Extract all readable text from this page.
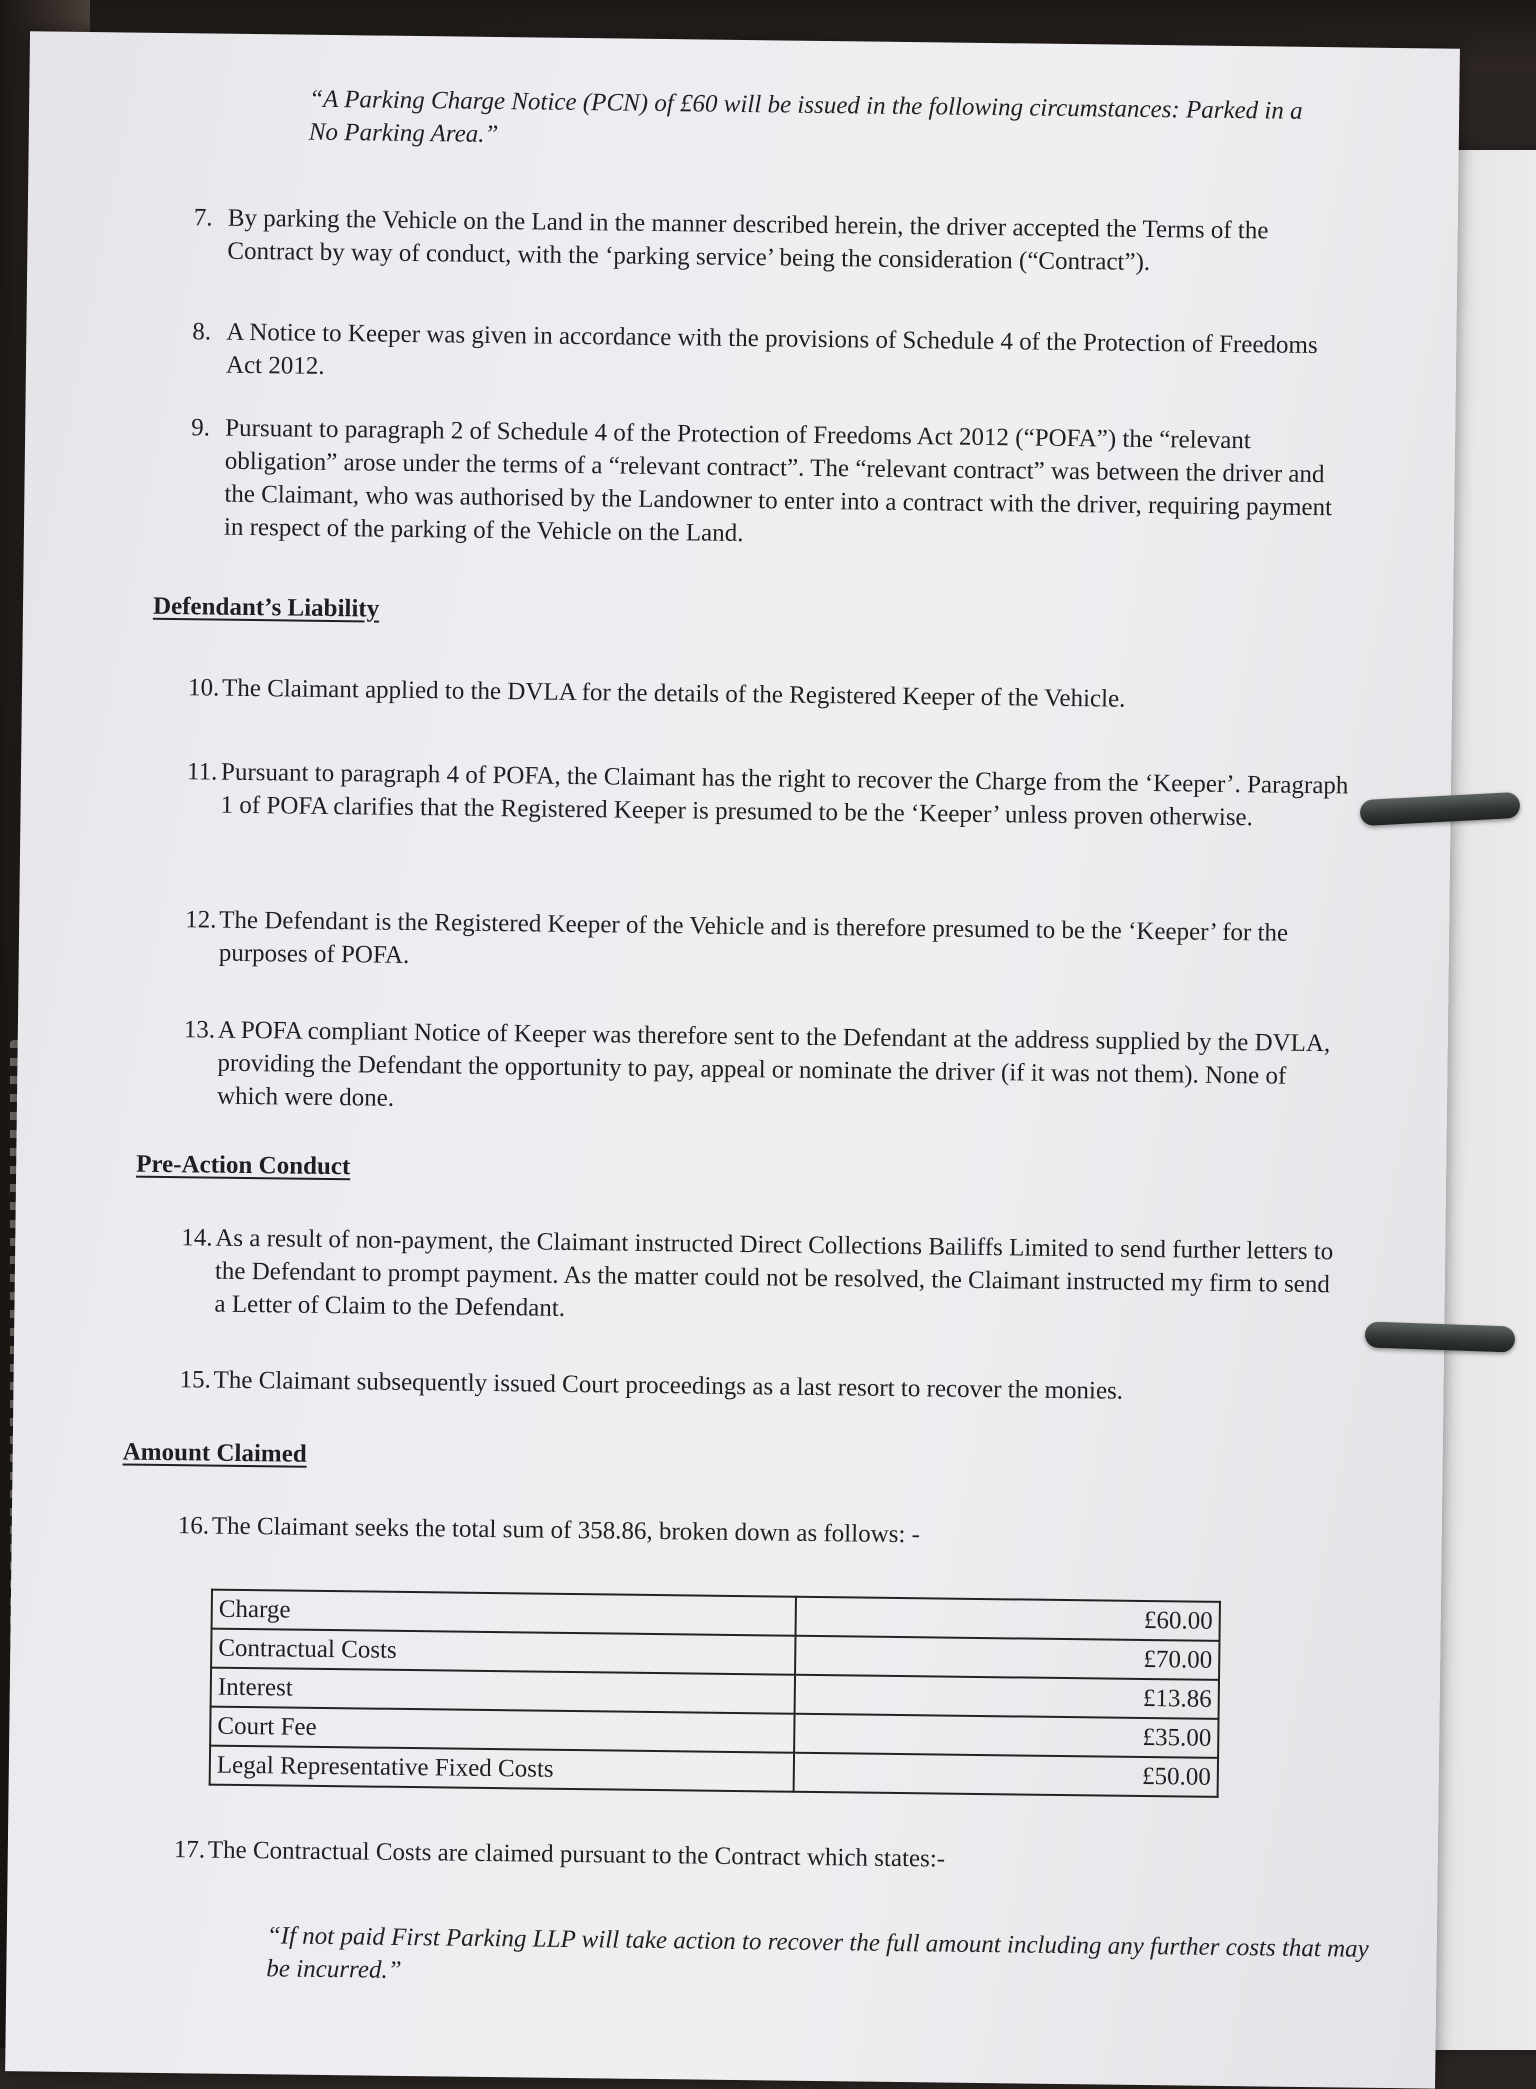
“A Parking Charge Notice (PCN) of £60 will be issued in the following circumstances: Parked in a No Parking Area.”
7. By parking the Vehicle on the Land in the manner described herein, the driver accepted the Terms of the Contract by way of conduct, with the ‘parking service’ being the consideration (“Contract”).
8. A Notice to Keeper was given in accordance with the provisions of Schedule 4 of the Protection of Freedoms Act 2012.
9. Pursuant to paragraph 2 of Schedule 4 of the Protection of Freedoms Act 2012 (“POFA”) the “relevant obligation” arose under the terms of a “relevant contract”. The “relevant contract” was between the driver and the Claimant, who was authorised by the Landowner to enter into a contract with the driver, requiring payment in respect of the parking of the Vehicle on the Land.
Defendant’s Liability
10. The Claimant applied to the DVLA for the details of the Registered Keeper of the Vehicle.
11. Pursuant to paragraph 4 of POFA, the Claimant has the right to recover the Charge from the ‘Keeper’. Paragraph 1 of POFA clarifies that the Registered Keeper is presumed to be the ‘Keeper’ unless proven otherwise.
12. The Defendant is the Registered Keeper of the Vehicle and is therefore presumed to be the ‘Keeper’ for the purposes of POFA.
13. A POFA compliant Notice of Keeper was therefore sent to the Defendant at the address supplied by the DVLA, providing the Defendant the opportunity to pay, appeal or nominate the driver (if it was not them). None of which were done.
Pre-Action Conduct
14. As a result of non-payment, the Claimant instructed Direct Collections Bailiffs Limited to send further letters to the Defendant to prompt payment. As the matter could not be resolved, the Claimant instructed my firm to send a Letter of Claim to the Defendant.
15. The Claimant subsequently issued Court proceedings as a last resort to recover the monies.
Amount Claimed
16. The Claimant seeks the total sum of 358.86, broken down as follows: -
Charge	£60.00
Contractual Costs	£70.00
Interest	£13.86
Court Fee	£35.00
Legal Representative Fixed Costs	£50.00
17. The Contractual Costs are claimed pursuant to the Contract which states:-
“If not paid First Parking LLP will take action to recover the full amount including any further costs that may be incurred.”
